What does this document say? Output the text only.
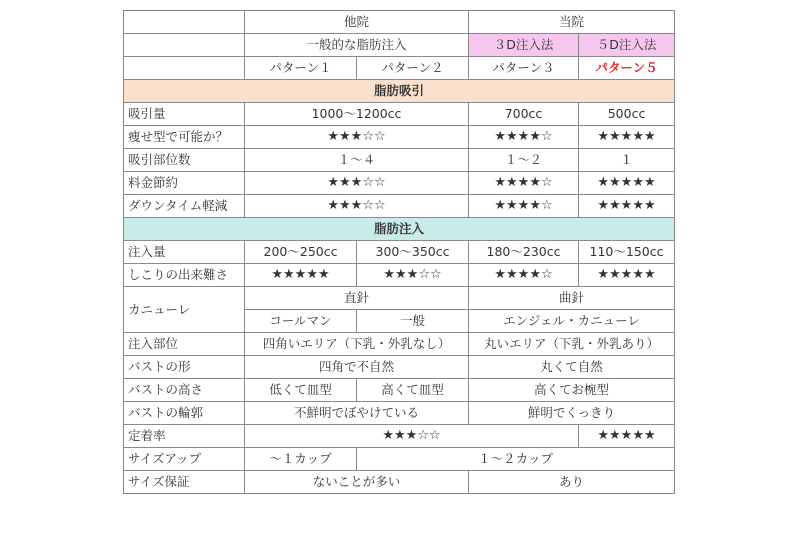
	他院		当院	
	一般的な脂肪注入		３D注入法	５D注入法
	パターン１	パターン２	パターン３	パターン５
脂肪吸引				
吸引量	1000〜1200cc		700cc	500cc
痩せ型で可能か？	★★★☆☆		★★★★☆	★★★★★
吸引部位数	１〜４		１〜２	１
料金節約	★★★☆☆		★★★★☆	★★★★★
ダウンタイム軽減	★★★☆☆		★★★★☆	★★★★★
脂肪注入				
注入量	200〜250cc	300〜350cc	180〜230cc	110〜150cc
しこりの出来難さ	★★★★★	★★★☆☆	★★★★☆	★★★★★
カニューレ	直針		曲針	
	コールマン	一般	エンジェル・カニューレ	
注入部位	四角いエリア（下乳・外乳なし）		丸いエリア（下乳・外乳あり）	
バストの形	四角で不自然		丸くて自然	
バストの高さ	低くて皿型	高くて皿型	高くてお椀型	
バストの輪郭	不鮮明でぼやけている		鮮明でくっきり	
定着率	★★★☆☆			★★★★★
サイズアップ	〜１カップ	１〜２カップ		
サイズ保証	ないことが多い		あり	
